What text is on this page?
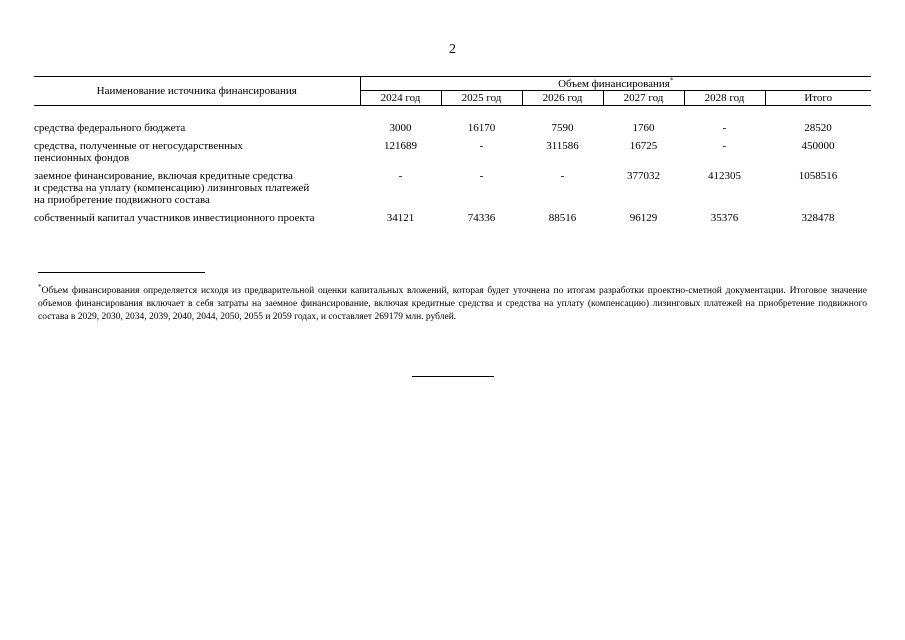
2
Наименование источника финансирования	Объем финансирования*
	2024 год	2025 год	2026 год	2027 год	2028 год	Итого

средства федерального бюджета	3000	16170	7590	1760	-	28520
средства, полученные от негосударственных
пенсионных фондов	121689	-	311586	16725	-	450000
заемное финансирование, включая кредитные средства
и средства на уплату (компенсацию) лизинговых платежей
на приобретение подвижного состава	-	-	-	377032	412305	1058516
собственный капитал участников инвестиционного проекта	34121	74336	88516	96129	35376	328478
*Объем финансирования определяется исходя из предварительной оценки капитальных вложений, которая будет уточнена по итогам разработки проектно-сметной документации. Итоговое значение объемов финансирования включает в себя затраты на заемное финансирование, включая кредитные средства и средства на уплату (компенсацию) лизинговых платежей на приобретение подвижного состава в 2029, 2030, 2034, 2039, 2040, 2044, 2050, 2055 и 2059 годах, и составляет 269179 млн. рублей.
